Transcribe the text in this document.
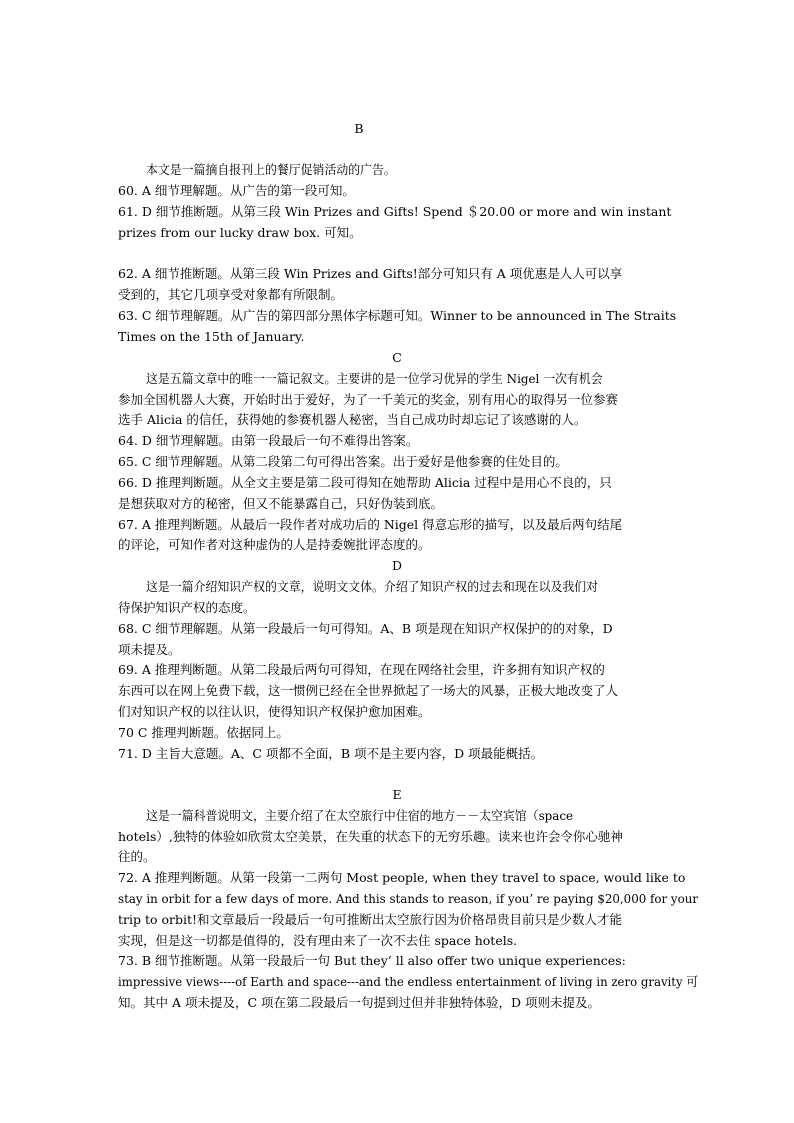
B
本文是一篇摘自报刊上的餐厅促销活动的广告。
60. A 细节理解题。从广告的第一段可知。
61. D 细节推断题。从第三段 Win Prizes and Gifts! Spend ＄20.00 or more and win instant
prizes from our lucky draw box. 可知。
62. A 细节推断题。从第三段 Win Prizes and Gifts!部分可知只有 A 项优惠是人人可以享
受到的，其它几项享受对象都有所限制。
63. C 细节理解题。从广告的第四部分黑体字标题可知。Winner to be announced in The Straits
Times on the 15th of January.
C
这是五篇文章中的唯一一篇记叙文。主要讲的是一位学习优异的学生 Nigel 一次有机会
参加全国机器人大赛，开始时出于爱好，为了一千美元的奖金，别有用心的取得另一位参赛
选手 Alicia 的信任，获得她的参赛机器人秘密，当自己成功时却忘记了该感谢的人。
64. D 细节理解题。由第一段最后一句不难得出答案。
65. C 细节理解题。从第二段第二句可得出答案。出于爱好是他参赛的住处目的。
66. D 推理判断题。从全文主要是第二段可得知在她帮助 Alicia 过程中是用心不良的，只
是想获取对方的秘密，但又不能暴露自己，只好伪装到底。
67. A 推理判断题。从最后一段作者对成功后的 Nigel 得意忘形的描写，以及最后两句结尾
的评论，可知作者对这种虚伪的人是持委婉批评态度的。
D
这是一篇介绍知识产权的文章，说明文文体。介绍了知识产权的过去和现在以及我们对
待保护知识产权的态度。
68. C 细节理解题。从第一段最后一句可得知。A、B 项是现在知识产权保护的的对象，D
项未提及。
69. A 推理判断题。从第二段最后两句可得知，在现在网络社会里，许多拥有知识产权的
东西可以在网上免费下载，这一惯例已经在全世界掀起了一场大的风暴，正极大地改变了人
们对知识产权的以往认识，使得知识产权保护愈加困难。
70 C 推理判断题。依据同上。
71. D 主旨大意题。A、C 项都不全面，B 项不是主要内容，D 项最能概括。
E
这是一篇科普说明文，主要介绍了在太空旅行中住宿的地方－－太空宾馆（space
hotels）,独特的体验如欣赏太空美景，在失重的状态下的无穷乐趣。读来也许会令你心驰神
往的。
72. A 推理判断题。从第一段第一二两句 Most people, when they travel to space, would like to
stay in orbit for a few days of more. And this stands to reason, if you’ re paying $20,000 for your
trip to orbit!和文章最后一段最后一句可推断出太空旅行因为价格昂贵目前只是少数人才能
实现，但是这一切都是值得的，没有理由来了一次不去住 space hotels.
73. B 细节推断题。从第一段最后一句 But they’ ll also offer two unique experiences:
impressive views----of Earth and space---and the endless entertainment of living in zero gravity 可
知。其中 A 项未提及，C 项在第二段最后一句提到过但并非独特体验，D 项则未提及。
